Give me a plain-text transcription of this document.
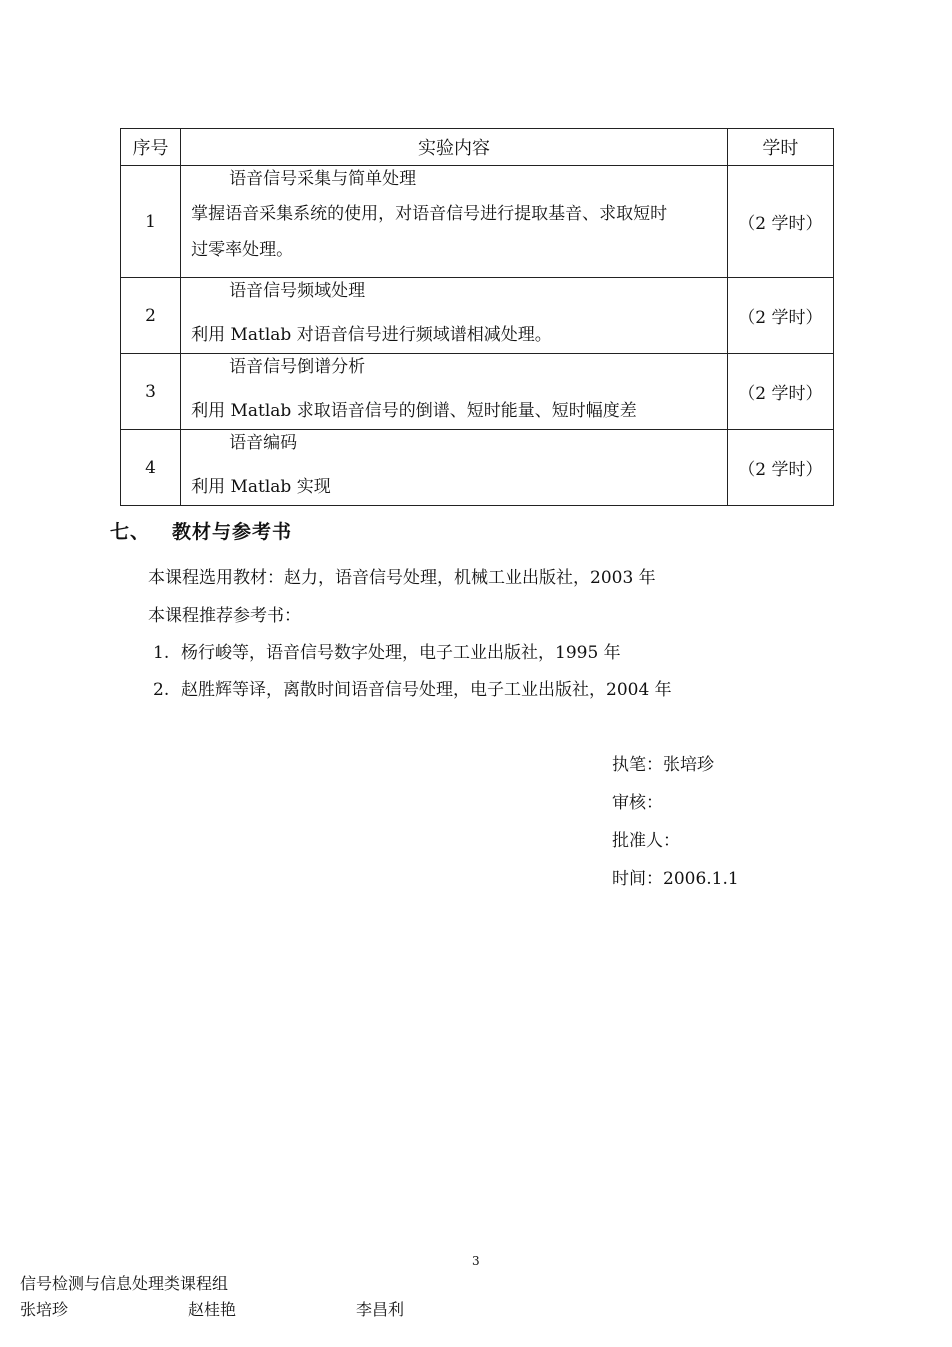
序号	实验内容	学时
1	语音信号采集与简单处理
掌握语音采集系统的使用，对语音信号进行提取基音、求取短时
过零率处理。	（2 学时）
2	语音信号频域处理
利用 Matlab 对语音信号进行频域谱相减处理。	（2 学时）
3	语音信号倒谱分析
利用 Matlab 求取语音信号的倒谱、短时能量、短时幅度差	（2 学时）
4	语音编码
利用 Matlab 实现	（2 学时）
七、 教材与参考书
本课程选用教材：赵力，语音信号处理，机械工业出版社，2003 年
本课程推荐参考书：
1. 杨行峻等，语音信号数字处理，电子工业出版社，1995 年
2. 赵胜辉等译，离散时间语音信号处理，电子工业出版社，2004 年
执笔：张培珍
审核：
批准人：
时间：2006.1.1
3
信号检测与信息处理类课程组
张培珍	赵桂艳	李昌利
